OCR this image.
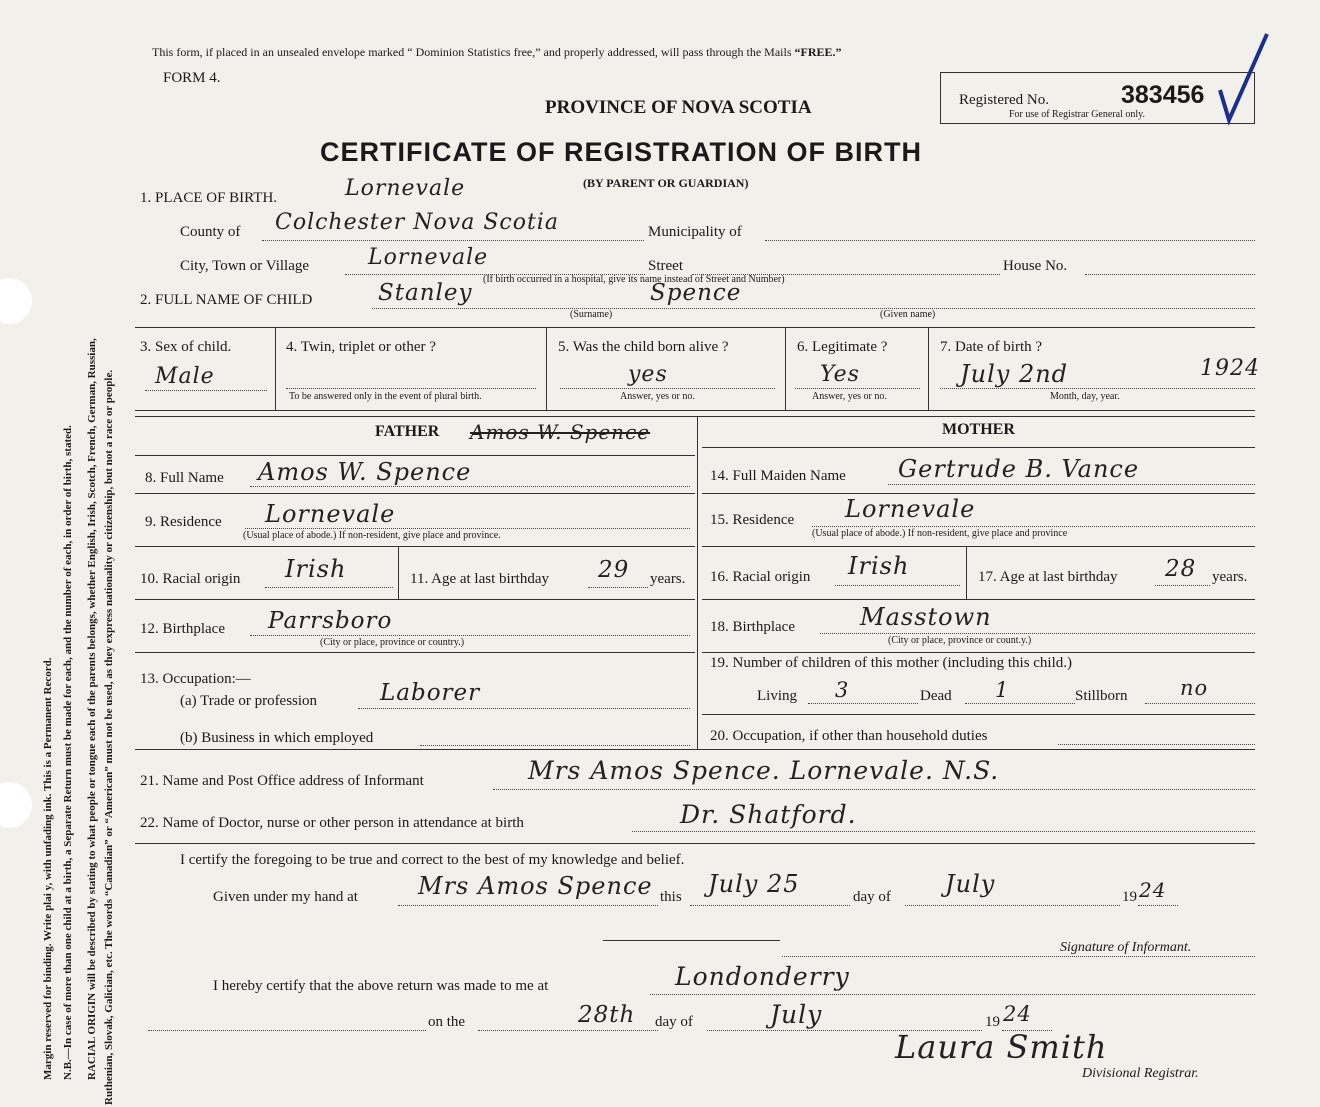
Margin reserved for binding. Write plai y, with unfading ink. This is a Permanent Record. N.B.—In case of more than one child at a birth, a Separate Return must be made for each, and the number of each, in order of birth, stated. RACIAL ORIGIN will be described by stating to what people or tongue each of the parents belongs, whether English, Irish, Scotch, French, German, Russian, Ruthenian, Slovak, Galician, etc. The words “Canadian” or “American” must not be used, as they express nationality or citizenship, but not a race or people.
This form, if placed in an unsealed envelope marked “ Dominion Statistics free,” and properly addressed, will pass through the Mails “FREE.”
FORM 4.
PROVINCE OF NOVA SCOTIA
CERTIFICATE OF REGISTRATION OF BIRTH
(BY PARENT OR GUARDIAN)
Registered No.	383456
For use of Registrar General only.
1. PLACE OF BIRTH.	Lornevale
County of Colchester Nova Scotia	Municipality of
City, Town or Village	Lornevale	Street	House No.
(If birth occurred in a hospital, give its name instead of Street and Number)
2. FULL NAME OF CHILD	Stanley	Spence
(Surname)	(Given name)
3. Sex of child.
Male
4. Twin, triplet or other ?
To be answered only in the event of plural birth.
5. Was the child born alive ?
yes
Answer, yes or no.
6. Legitimate ?
Yes
Answer, yes or no.
7. Date of birth ?
July 2nd	1924
Month, day, year.
FATHER Amos W. Spence
8. Full Name Amos W. Spence
9. Residence Lornevale
(Usual place of abode.) If non-resident, give place and province.
10. Racial origin Irish	11. Age at last birthday 29 years.
12. Birthplace Parrsboro
(City or place, province or country.)
13. Occupation:—
(a) Trade or profession	Laborer
(b) Business in which employed
MOTHER
14. Full Maiden Name Gertrude B. Vance
15. Residence Lornevale
(Usual place of abode.) If non-resident, give place and province
16. Racial origin Irish	17. Age at last birthday 28 years.
18. Birthplace	Masstown
(City or place, province or count.y.)
19. Number of children of this mother (including this child.)
Living 3	Dead 1	Stillborn no
20. Occupation, if other than household duties
21. Name and Post Office address of Informant	Mrs Amos Spence. Lornevale. N.S.
22. Name of Doctor, nurse or other person in attendance at birth	Dr. Shatford.
I certify the foregoing to be true and correct to the best of my knowledge and belief.
Given under my hand at	Mrs Amos Spence this July 25	day of July	19 24
Signature of Informant.
I hereby certify that the above return was made to me at	Londonderry
on the	28th day of	July	19 24
Laura Smith
Divisional Registrar.
